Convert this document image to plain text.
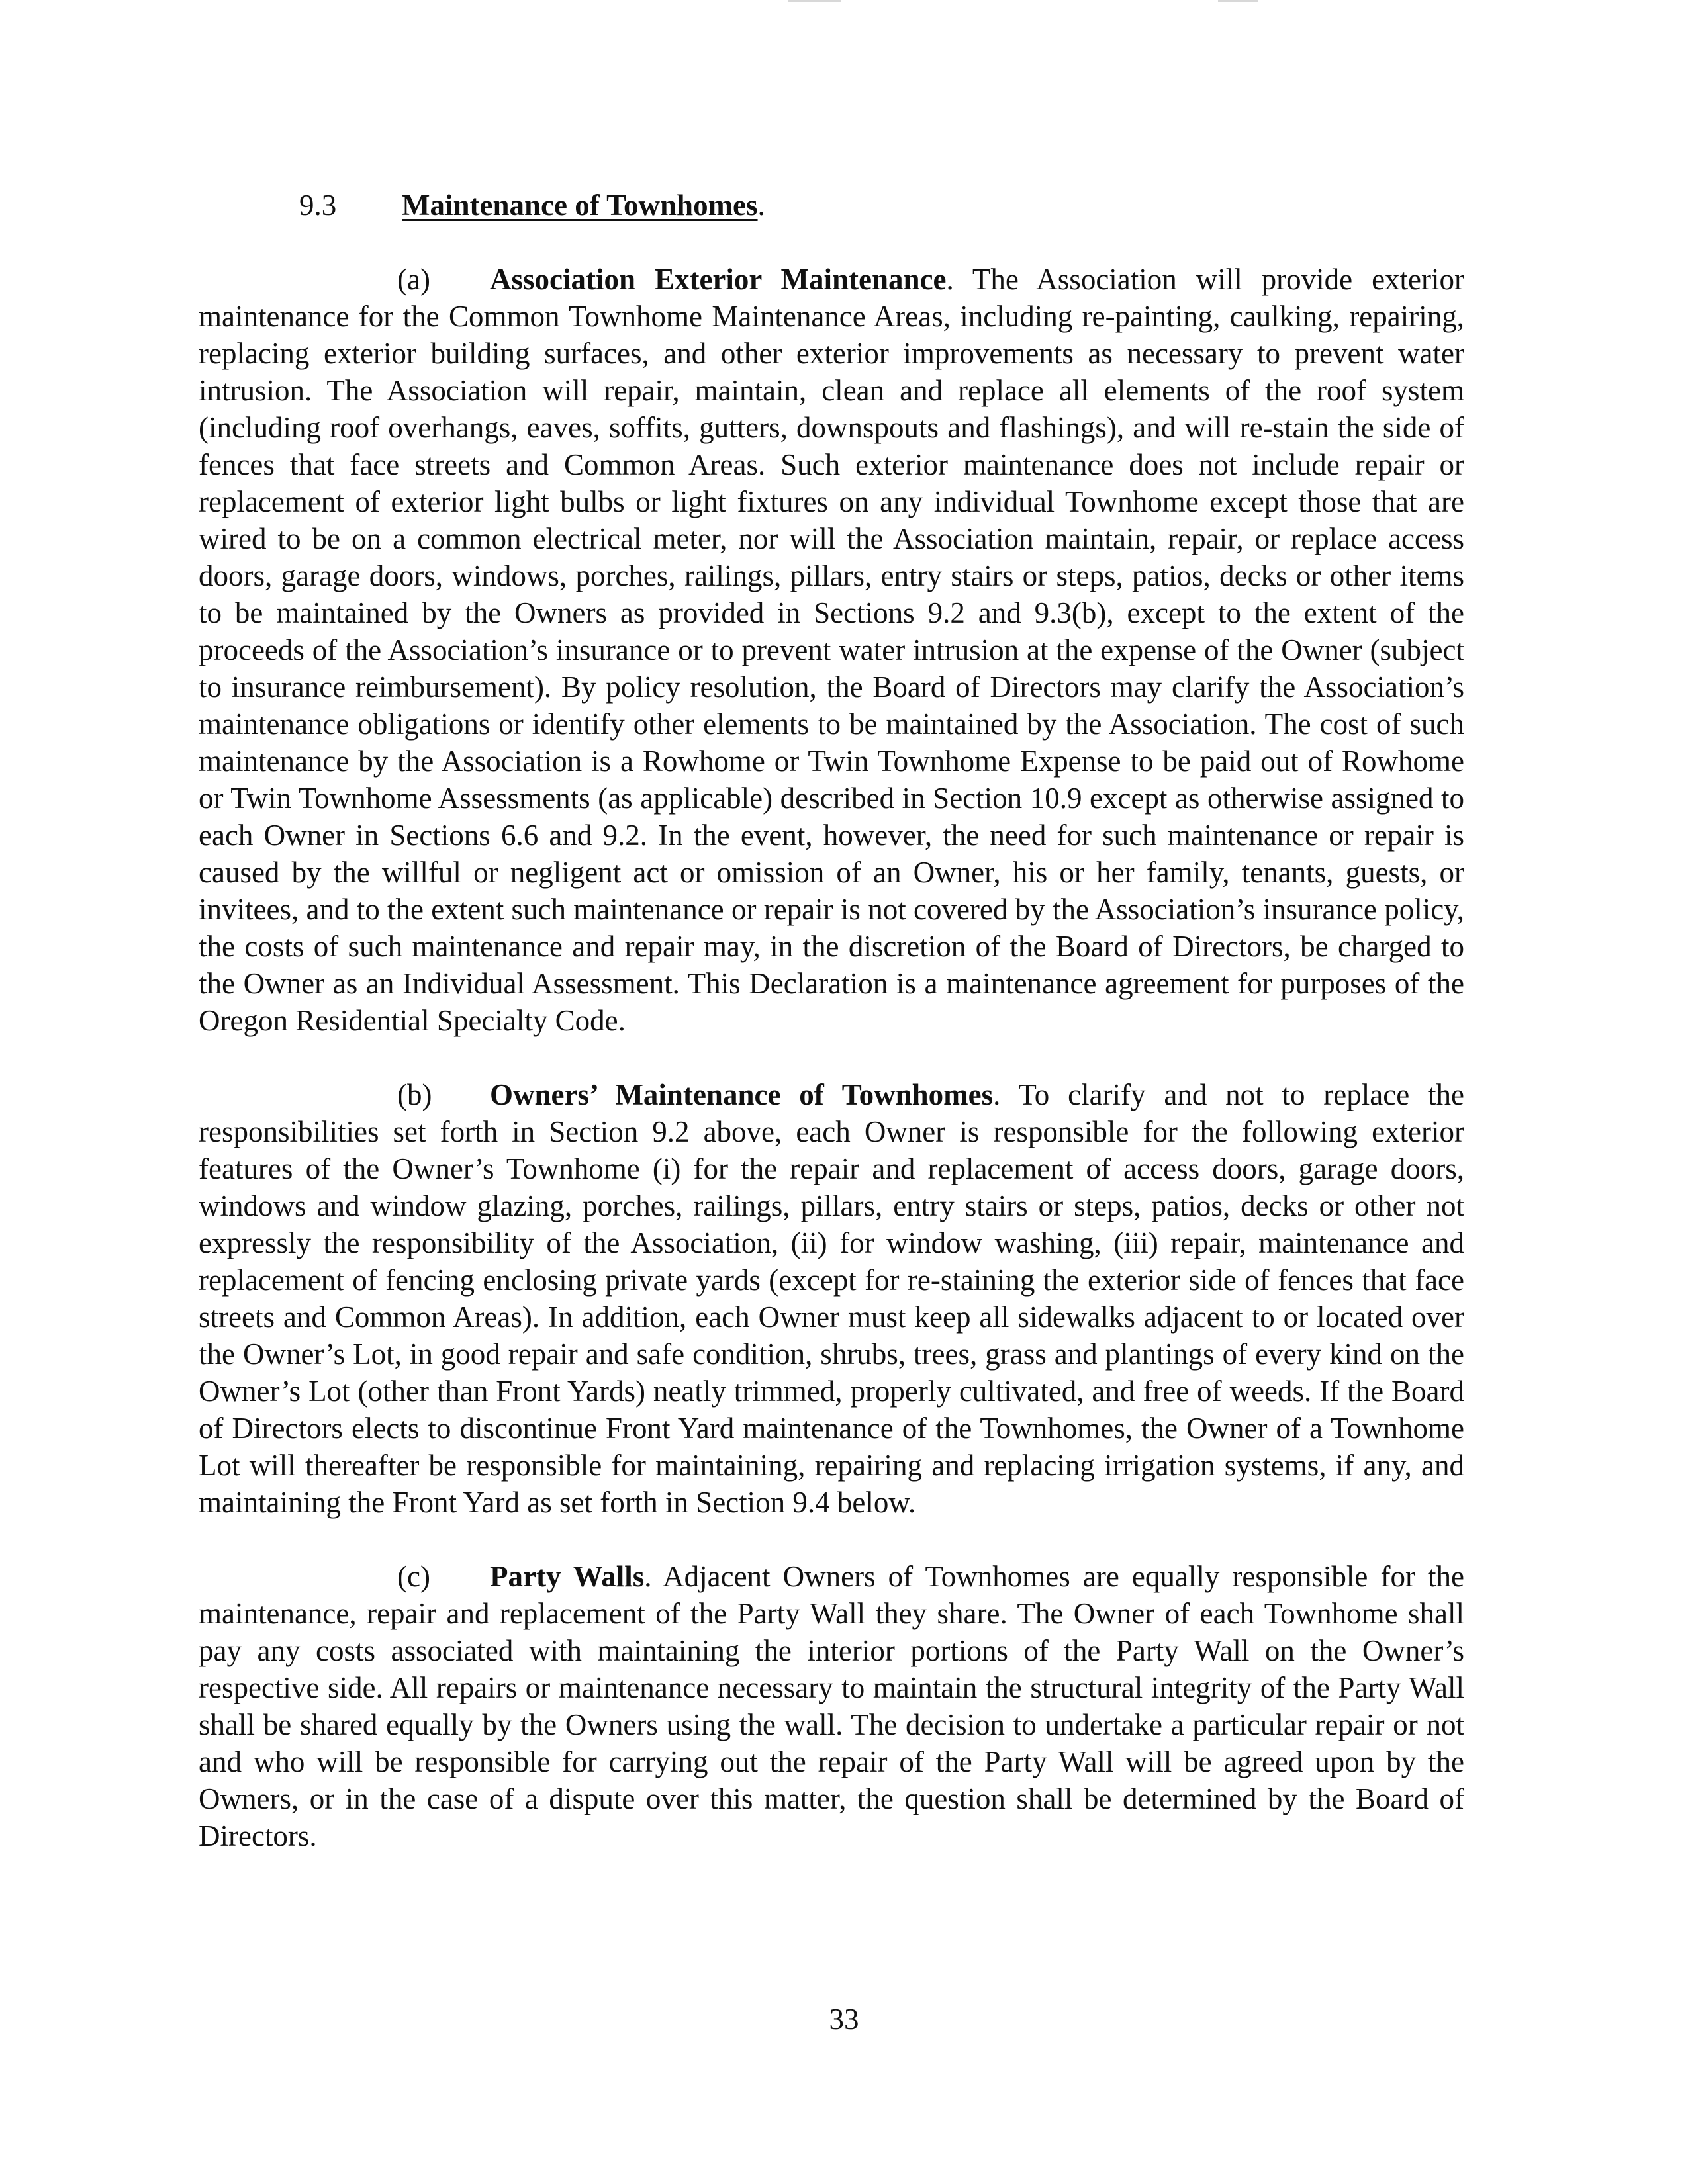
9.3 Maintenance of Townhomes.

(a) Association Exterior Maintenance. The Association will provide exterior maintenance for the Common Townhome Maintenance Areas, including re-painting, caulking, repairing, replacing exterior building surfaces, and other exterior improvements as necessary to prevent water intrusion. The Association will repair, maintain, clean and replace all elements of the roof system (including roof overhangs, eaves, soffits, gutters, downspouts and flashings), and will re-stain the side of fences that face streets and Common Areas. Such exterior maintenance does not include repair or replacement of exterior light bulbs or light fixtures on any individual Townhome except those that are wired to be on a common electrical meter, nor will the Association maintain, repair, or replace access doors, garage doors, windows, porches, railings, pillars, entry stairs or steps, patios, decks or other items to be maintained by the Owners as provided in Sections 9.2 and 9.3(b), except to the extent of the proceeds of the Association’s insurance or to prevent water intrusion at the expense of the Owner (subject to insurance reimbursement). By policy resolution, the Board of Directors may clarify the Association’s maintenance obligations or identify other elements to be maintained by the Association. The cost of such maintenance by the Association is a Rowhome or Twin Townhome Expense to be paid out of Rowhome or Twin Townhome Assessments (as applicable) described in Section 10.9 except as otherwise assigned to each Owner in Sections 6.6 and 9.2. In the event, however, the need for such maintenance or repair is caused by the willful or negligent act or omission of an Owner, his or her family, tenants, guests, or invitees, and to the extent such maintenance or repair is not covered by the Association’s insurance policy, the costs of such maintenance and repair may, in the discretion of the Board of Directors, be charged to the Owner as an Individual Assessment. This Declaration is a maintenance agreement for purposes of the Oregon Residential Specialty Code.

(b) Owners’ Maintenance of Townhomes. To clarify and not to replace the responsibilities set forth in Section 9.2 above, each Owner is responsible for the following exterior features of the Owner’s Townhome (i) for the repair and replacement of access doors, garage doors, windows and window glazing, porches, railings, pillars, entry stairs or steps, patios, decks or other not expressly the responsibility of the Association, (ii) for window washing, (iii) repair, maintenance and replacement of fencing enclosing private yards (except for re-staining the exterior side of fences that face streets and Common Areas). In addition, each Owner must keep all sidewalks adjacent to or located over the Owner’s Lot, in good repair and safe condition, shrubs, trees, grass and plantings of every kind on the Owner’s Lot (other than Front Yards) neatly trimmed, properly cultivated, and free of weeds. If the Board of Directors elects to discontinue Front Yard maintenance of the Townhomes, the Owner of a Townhome Lot will thereafter be responsible for maintaining, repairing and replacing irrigation systems, if any, and maintaining the Front Yard as set forth in Section 9.4 below.

(c) Party Walls. Adjacent Owners of Townhomes are equally responsible for the maintenance, repair and replacement of the Party Wall they share. The Owner of each Townhome shall pay any costs associated with maintaining the interior portions of the Party Wall on the Owner’s respective side. All repairs or maintenance necessary to maintain the structural integrity of the Party Wall shall be shared equally by the Owners using the wall. The decision to undertake a particular repair or not and who will be responsible for carrying out the repair of the Party Wall will be agreed upon by the Owners, or in the case of a dispute over this matter, the question shall be determined by the Board of Directors.

33
